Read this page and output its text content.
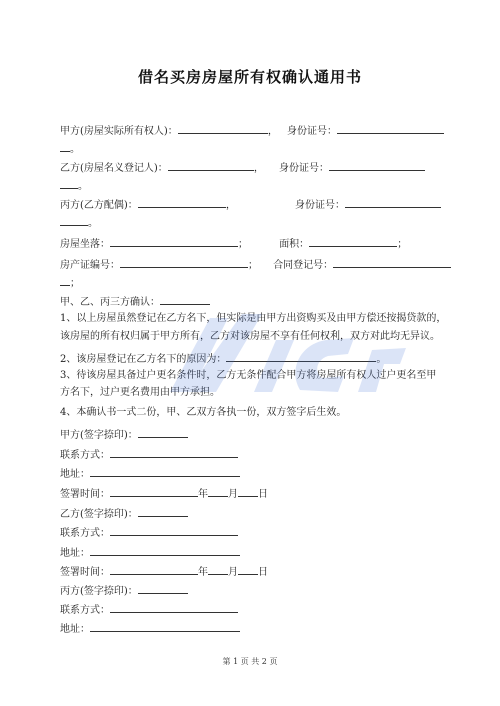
借名买房房屋所有权确认通用书
甲方(房屋实际所有权人)：	， 身份证号：
。
乙方(房屋名义登记人)：	， 身份证号：
。
丙方(乙方配偶)：	，	身份证号：
。
房屋坐落：	；	面积：	；
房产证编号：	； 合同登记号：
；
甲、乙、丙三方确认：
1、以上房屋虽然登记在乙方名下，但实际是由甲方出资购买及由甲方偿还按揭贷款的，
该房屋的所有权归属于甲方所有，乙方对该房屋不享有任何权利，双方对此均无异议。
2、该房屋登记在乙方名下的原因为：	。
3、待该房屋具备过户更名条件时，乙方无条件配合甲方将房屋所有权人过户更名至甲
方名下，过户更名费用由甲方承担。
4、本确认书一式二份，甲、乙双方各执一份，双方签字后生效。
甲方(签字捺印)：
联系方式：
地址：
签署时间：	年 月 日
乙方(签字捺印)：
联系方式：
地址：
签署时间：	年 月 日
丙方(签字捺印)：
联系方式：
地址：
第 1 页 共 2 页
